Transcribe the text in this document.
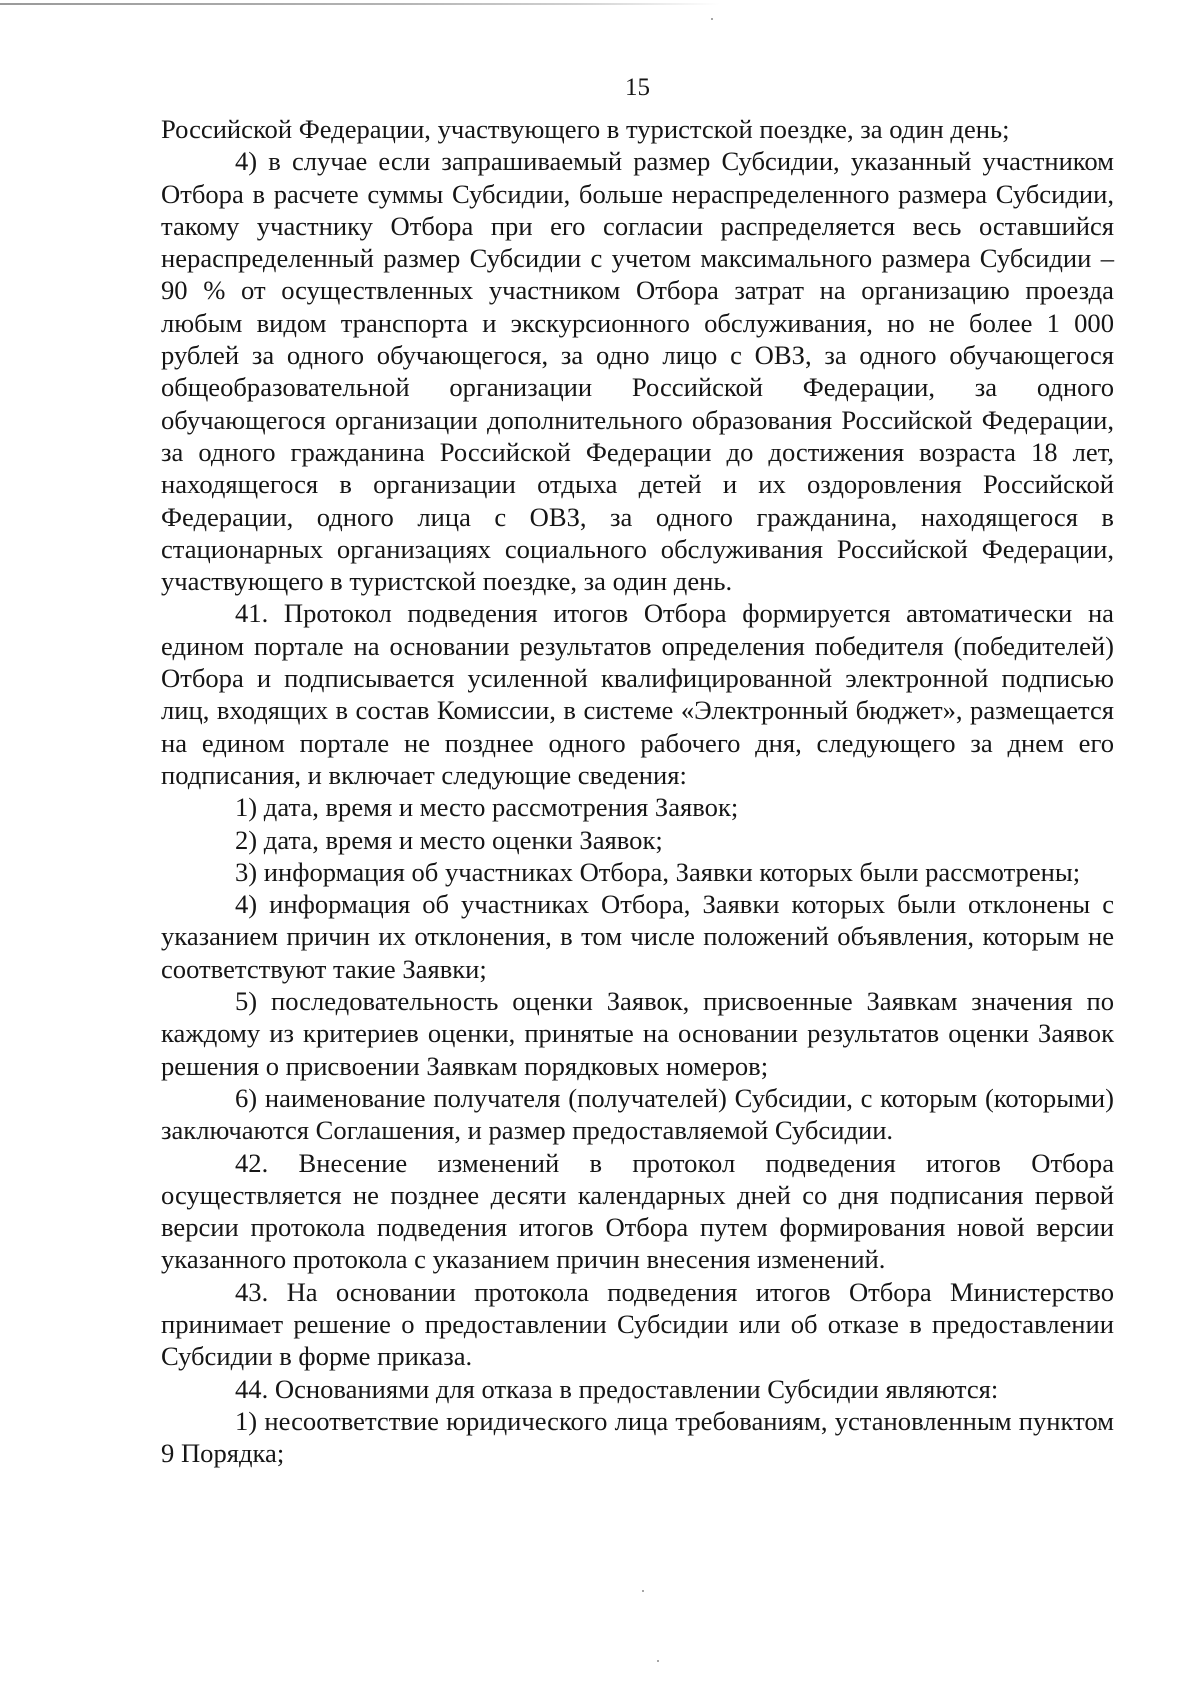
15

Российской Федерации, участвующего в туристской поездке, за один день;

4) в случае если запрашиваемый размер Субсидии, указанный участником Отбора в расчете суммы Субсидии, больше нераспределенного размера Субсидии, такому участнику Отбора при его согласии распределяется весь оставшийся нераспределенный размер Субсидии с учетом максимального размера Субсидии – 90 % от осуществленных участником Отбора затрат на организацию проезда любым видом транспорта и экскурсионного обслуживания, но не более 1 000 рублей за одного обучающегося, за одно лицо с ОВЗ, за одного обучающегося общеобразовательной организации Российской Федерации, за одного обучающегося организации дополнительного образования Российской Федерации, за одного гражданина Российской Федерации до достижения возраста 18 лет, находящегося в организации отдыха детей и их оздоровления Российской Федерации, одного лица с ОВЗ, за одного гражданина, находящегося в стационарных организациях социального обслуживания Российской Федерации, участвующего в туристской поездке, за один день.

41. Протокол подведения итогов Отбора формируется автоматически на едином портале на основании результатов определения победителя (победителей) Отбора и подписывается усиленной квалифицированной электронной подписью лиц, входящих в состав Комиссии, в системе «Электронный бюджет», размещается на едином портале не позднее одного рабочего дня, следующего за днем его подписания, и включает следующие сведения:

1) дата, время и место рассмотрения Заявок;

2) дата, время и место оценки Заявок;

3) информация об участниках Отбора, Заявки которых были рассмотрены;

4) информация об участниках Отбора, Заявки которых были отклонены с указанием причин их отклонения, в том числе положений объявления, которым не соответствуют такие Заявки;

5) последовательность оценки Заявок, присвоенные Заявкам значения по каждому из критериев оценки, принятые на основании результатов оценки Заявок решения о присвоении Заявкам порядковых номеров;

6) наименование получателя (получателей) Субсидии, с которым (которыми) заключаются Соглашения, и размер предоставляемой Субсидии.

42. Внесение изменений в протокол подведения итогов Отбора осуществляется не позднее десяти календарных дней со дня подписания первой версии протокола подведения итогов Отбора путем формирования новой версии указанного протокола с указанием причин внесения изменений.

43. На основании протокола подведения итогов Отбора Министерство принимает решение о предоставлении Субсидии или об отказе в предоставлении Субсидии в форме приказа.

44. Основаниями для отказа в предоставлении Субсидии являются:

1) несоответствие юридического лица требованиям, установленным пунктом 9 Порядка;
